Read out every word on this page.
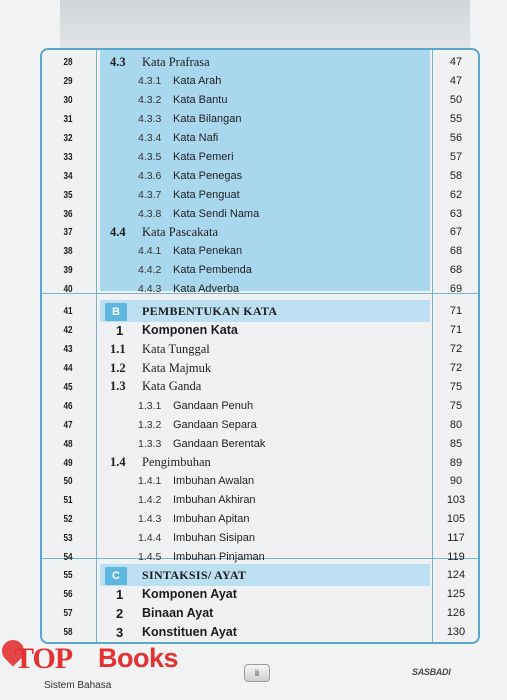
28	4.3 Kata Prafrasa	47
29	4.3.1 Kata Arah	47
30	4.3.2 Kata Bantu	50
31	4.3.3 Kata Bilangan	55
32	4.3.4 Kata Nafi	56
33	4.3.5 Kata Pemeri	57
34	4.3.6 Kata Penegas	58
35	4.3.7 Kata Penguat	62
36	4.3.8 Kata Sendi Nama	63
37	4.4 Kata Pascakata	67
38	4.4.1 Kata Penekan	68
39	4.4.2 Kata Pembenda	68
40	4.4.3 Kata Adverba	69
41	B	PEMBENTUKAN KATA	71
42	1 Komponen Kata	71
43	1.1 Kata Tunggal	72
44	1.2 Kata Majmuk	72
45	1.3 Kata Ganda	75
46	1.3.1 Gandaan Penuh	75
47	1.3.2 Gandaan Separa	80
48	1.3.3 Gandaan Berentak	85
49	1.4 Pengimbuhan	89
50	1.4.1 Imbuhan Awalan	90
51	1.4.2 Imbuhan Akhiran	103
52	1.4.3 Imbuhan Apitan	105
53	1.4.4 Imbuhan Sisipan	117
54	1.4.5 Imbuhan Pinjaman	119
55	C	SINTAKSIS/ AYAT	124
56	1 Komponen Ayat	125
57	2 Binaan Ayat	126
58	3 Konstituen Ayat	130
ii
Sistem Bahasa
SASBADI
TOP Books
